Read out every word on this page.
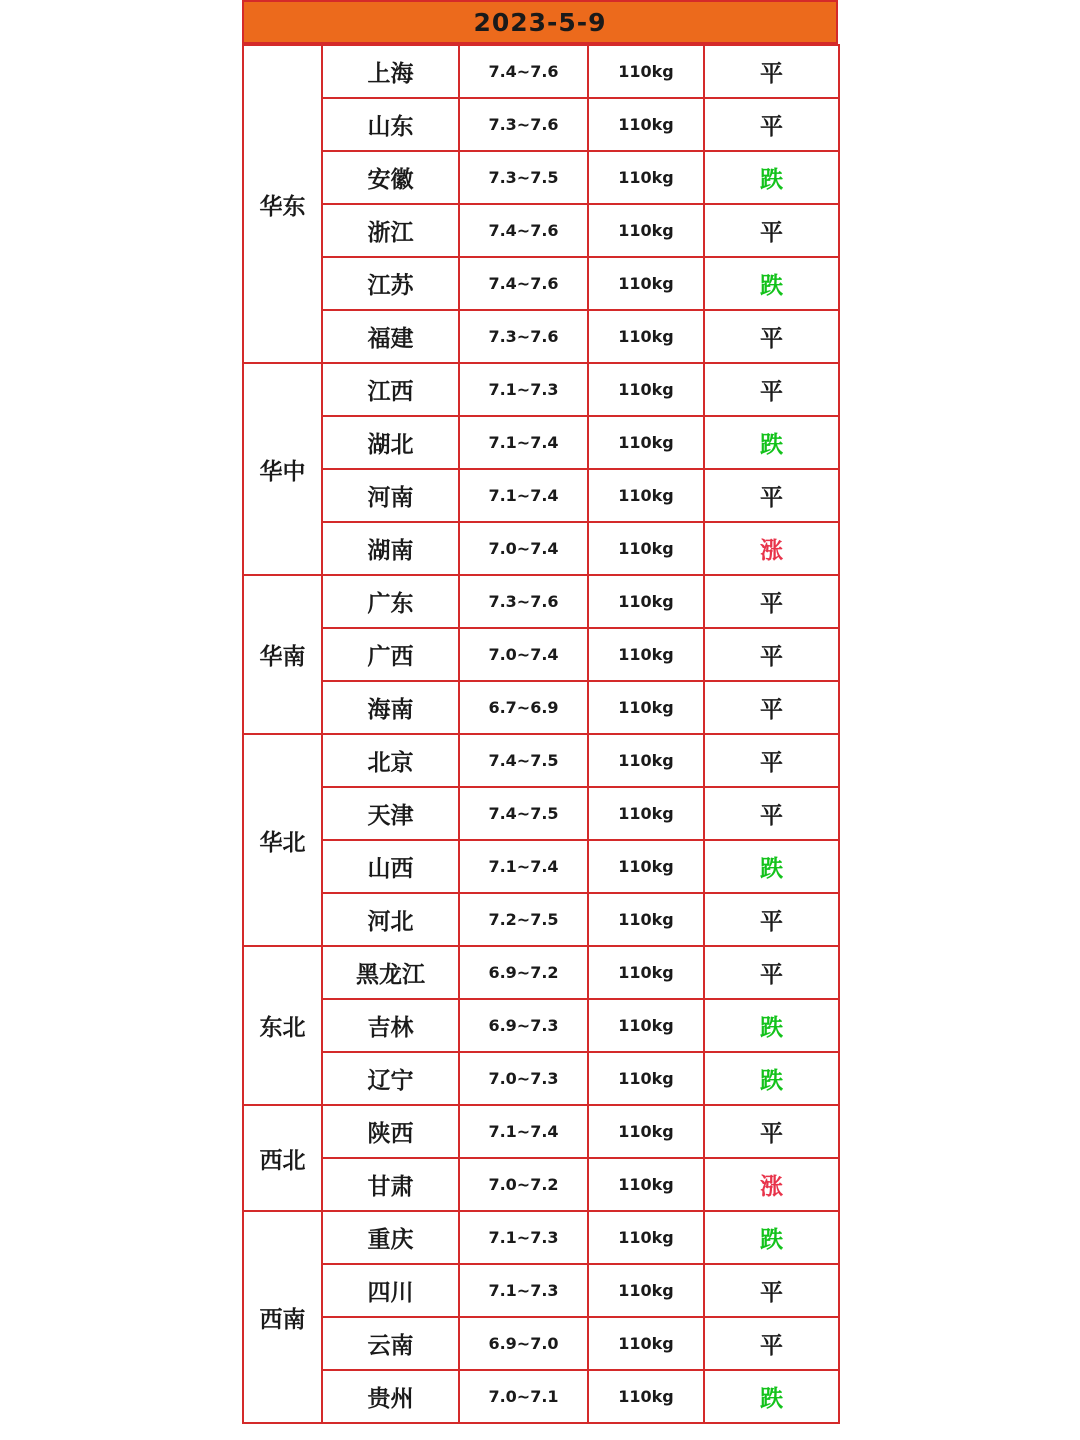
2023-5-9
华东	上海	7.4~7.6	110kg	平
	山东	7.3~7.6	110kg	平
	安徽	7.3~7.5	110kg	跌
	浙江	7.4~7.6	110kg	平
	江苏	7.4~7.6	110kg	跌
	福建	7.3~7.6	110kg	平
华中	江西	7.1~7.3	110kg	平
	湖北	7.1~7.4	110kg	跌
	河南	7.1~7.4	110kg	平
	湖南	7.0~7.4	110kg	涨
华南	广东	7.3~7.6	110kg	平
	广西	7.0~7.4	110kg	平
	海南	6.7~6.9	110kg	平
华北	北京	7.4~7.5	110kg	平
	天津	7.4~7.5	110kg	平
	山西	7.1~7.4	110kg	跌
	河北	7.2~7.5	110kg	平
东北	黑龙江	6.9~7.2	110kg	平
	吉林	6.9~7.3	110kg	跌
	辽宁	7.0~7.3	110kg	跌
西北	陕西	7.1~7.4	110kg	平
	甘肃	7.0~7.2	110kg	涨
西南	重庆	7.1~7.3	110kg	跌
	四川	7.1~7.3	110kg	平
	云南	6.9~7.0	110kg	平
	贵州	7.0~7.1	110kg	跌
